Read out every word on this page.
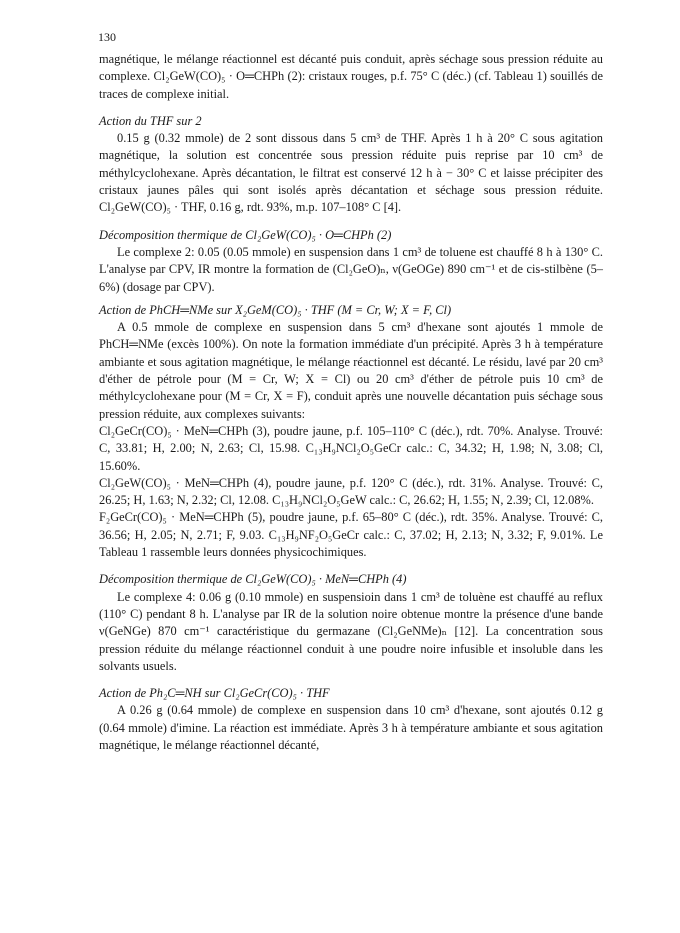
130

magnétique, le mélange réactionnel est décanté puis conduit, après séchage sous pression réduite au complexe. Cl₂GeW(CO)₅ · O═CHPh (2): cristaux rouges, p.f. 75° C (déc.) (cf. Tableau 1) souillés de traces de complexe initial.

Action du THF sur 2

0.15 g (0.32 mmole) de 2 sont dissous dans 5 cm³ de THF. Après 1 h à 20° C sous agitation magnétique, la solution est concentrée sous pression réduite puis reprise par 10 cm³ de méthylcyclohexane. Après décantation, le filtrat est conservé 12 h à − 30° C et laisse précipiter des cristaux jaunes pâles qui sont isolés après décantation et séchage sous pression réduite. Cl₂GeW(CO)₅ · THF, 0.16 g, rdt. 93%, m.p. 107–108° C [4].

Décomposition thermique de Cl₂GeW(CO)₅ · O═CHPh (2)

Le complexe 2: 0.05 (0.05 mmole) en suspension dans 1 cm³ de toluene est chauffé 8 h à 130° C. L'analyse par CPV, IR montre la formation de (Cl₂GeO)ₙ, ν(GeOGe) 890 cm⁻¹ et de cis-stilbène (5–6%) (dosage par CPV).

Action de PhCH═NMe sur X₂GeM(CO)₅ · THF (M = Cr, W; X = F, Cl)

A 0.5 mmole de complexe en suspension dans 5 cm³ d'hexane sont ajoutés 1 mmole de PhCH═NMe (excès 100%). On note la formation immédiate d'un précipité. Après 3 h à température ambiante et sous agitation magnétique, le mélange réactionnel est décanté. Le résidu, lavé par 20 cm³ d'éther de pétrole pour (M = Cr, W; X = Cl) ou 20 cm³ d'éther de pétrole puis 10 cm³ de méthylcyclohexane pour (M = Cr, X = F), conduit après une nouvelle décantation puis séchage sous pression réduite, aux complexes suivants:

Cl₂GeCr(CO)₅ · MeN═CHPh (3), poudre jaune, p.f. 105–110° C (déc.), rdt. 70%. Analyse. Trouvé: C, 33.81; H, 2.00; N, 2.63; Cl, 15.98. C₁₃H₉NCl₂O₅GeCr calc.: C, 34.32; H, 1.98; N, 3.08; Cl, 15.60%.

Cl₂GeW(CO)₅ · MeN═CHPh (4), poudre jaune, p.f. 120° C (déc.), rdt. 31%. Analyse. Trouvé: C, 26.25; H, 1.63; N, 2.32; Cl, 12.08. C₁₃H₉NCl₂O₅GeW calc.: C, 26.62; H, 1.55; N, 2.39; Cl, 12.08%.

F₂GeCr(CO)₅ · MeN═CHPh (5), poudre jaune, p.f. 65–80° C (déc.), rdt. 35%. Analyse. Trouvé: C, 36.56; H, 2.05; N, 2.71; F, 9.03. C₁₃H₉NF₂O₅GeCr calc.: C, 37.02; H, 2.13; N, 3.32; F, 9.01%. Le Tableau 1 rassemble leurs données physicochimiques.

Décomposition thermique de Cl₂GeW(CO)₅ · MeN═CHPh (4)

Le complexe 4: 0.06 g (0.10 mmole) en suspensioin dans 1 cm³ de toluène est chauffé au reflux (110° C) pendant 8 h. L'analyse par IR de la solution noire obtenue montre la présence d'une bande ν(GeNGe) 870 cm⁻¹ caractéristique du germazane (Cl₂GeNMe)ₙ [12]. La concentration sous pression réduite du mélange réactionnel conduit à une poudre noire infusible et insoluble dans les solvants usuels.

Action de Ph₂C═NH sur Cl₂GeCr(CO)₅ · THF

A 0.26 g (0.64 mmole) de complexe en suspension dans 10 cm³ d'hexane, sont ajoutés 0.12 g (0.64 mmole) d'imine. La réaction est immédiate. Après 3 h à température ambiante et sous agitation magnétique, le mélange réactionnel décanté,
